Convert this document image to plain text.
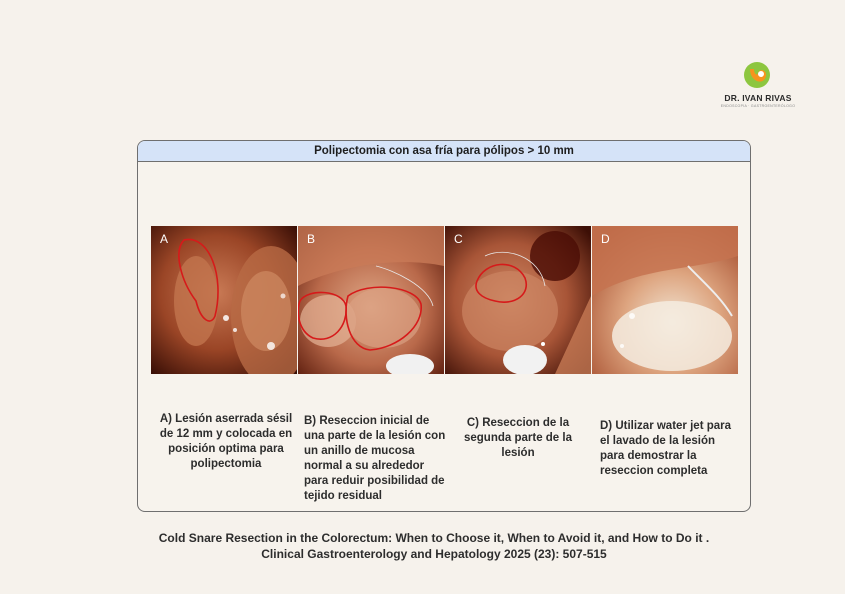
DR. IVAN RIVAS
ENDOSCOPIA · GASTROENTERÓLOGO
Polipectomia con asa fría para pólipos > 10 mm
A	B	C	D
A) Lesión aserrada sésil de 12 mm y colocada en posición optima para polipectomia
B) Reseccion inicial de una parte de la lesión con un anillo de mucosa normal a su alrededor para reduir posibilidad de tejido residual
C) Reseccion de la segunda parte de la lesión
D) Utilizar water jet para el lavado de la lesión para demostrar la reseccion completa
Cold Snare Resection in the Colorectum: When to Choose it, When to Avoid it, and How to Do it .
Clinical Gastroenterology and Hepatology 2025 (23): 507-515
